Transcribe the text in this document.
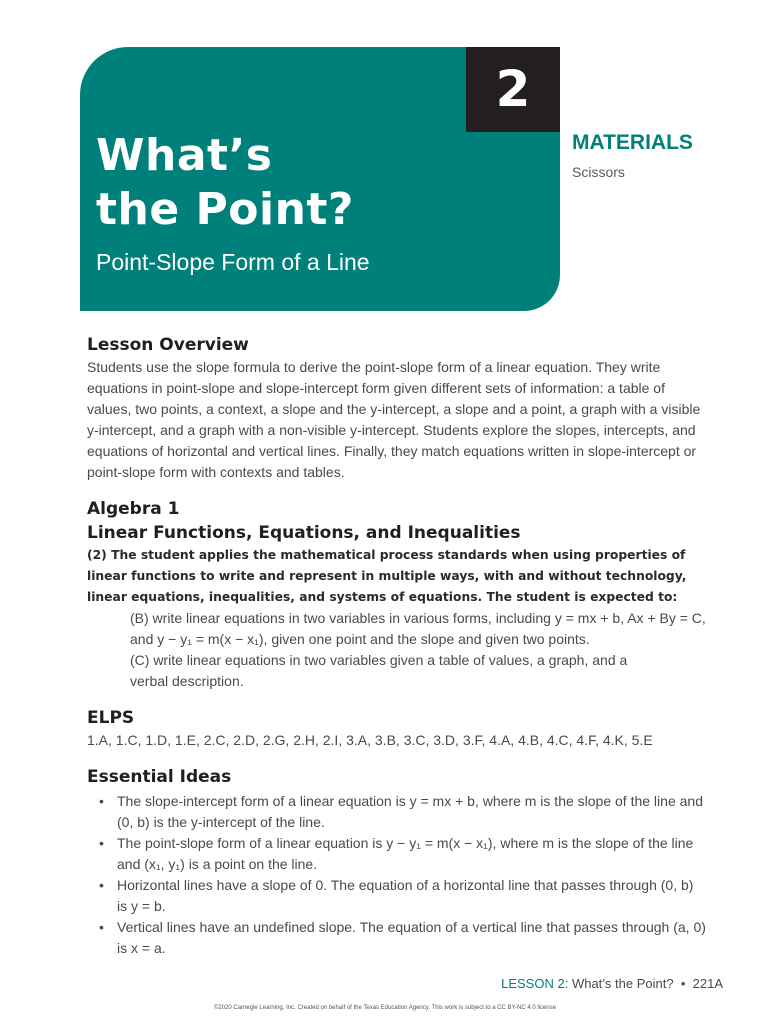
What’s
the Point?
Point-Slope Form of a Line
2
MATERIALS
Scissors
Lesson Overview

Students use the slope formula to derive the point-slope form of a linear equation. They write

equations in point-slope and slope-intercept form given different sets of information: a table of

values, two points, a context, a slope and the y-intercept, a slope and a point, a graph with a visible

y-intercept, and a graph with a non-visible y-intercept. Students explore the slopes, intercepts, and

equations of horizontal and vertical lines. Finally, they match equations written in slope-intercept or

point-slope form with contexts and tables.

Algebra 1
Linear Functions, Equations, and Inequalities

(2) The student applies the mathematical process standards when using properties of

linear functions to write and represent in multiple ways, with and without technology,

linear equations, inequalities, and systems of equations. The student is expected to:

(B) write linear equations in two variables in various forms, including y = mx + b, Ax + By = C,

and y − y₁ = m(x − x₁), given one point and the slope and given two points.

(C) write linear equations in two variables given a table of values, a graph, and a

verbal description.

ELPS

1.A, 1.C, 1.D, 1.E, 2.C, 2.D, 2.G, 2.H, 2.I, 3.A, 3.B, 3.C, 3.D, 3.F, 4.A, 4.B, 4.C, 4.F, 4.K, 5.E

Essential Ideas
• The slope-intercept form of a linear equation is y = mx + b, where m is the slope of the line and
(0, b) is the y-intercept of the line.
• The point-slope form of a linear equation is y − y₁ = m(x − x₁), where m is the slope of the line
and (x₁, y₁) is a point on the line.
• Horizontal lines have a slope of 0. The equation of a horizontal line that passes through (0, b)
is y = b.
• Vertical lines have an undefined slope. The equation of a vertical line that passes through (a, 0)
is x = a.
LESSON 2: What’s the Point? • 221A
©2020 Carnegie Learning, Inc. Created on behalf of the Texas Education Agency. This work is subject to a CC BY-NC 4.0 license
